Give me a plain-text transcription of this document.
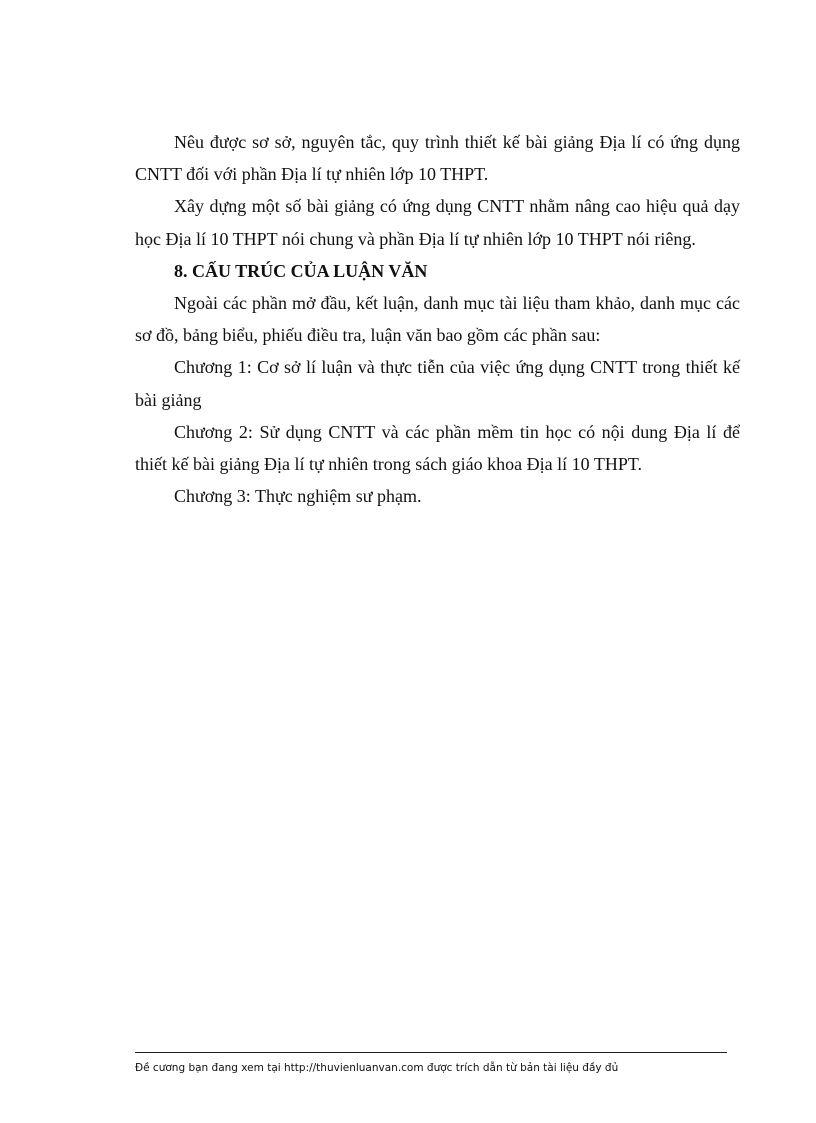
Nêu được sơ sở, nguyên tắc, quy trình thiết kế bài giảng Địa lí có ứng dụng CNTT đối với phần Địa lí tự nhiên lớp 10 THPT.

Xây dựng một số bài giảng có ứng dụng CNTT nhằm nâng cao hiệu quả dạy học Địa lí 10 THPT nói chung và phần Địa lí tự nhiên lớp 10 THPT nói riêng.

8. CẤU TRÚC CỦA LUẬN VĂN

Ngoài các phần mở đầu, kết luận, danh mục tài liệu tham khảo, danh mục các sơ đồ, bảng biểu, phiếu điều tra, luận văn bao gồm các phần sau:

Chương 1: Cơ sở lí luận và thực tiễn của việc ứng dụng CNTT trong thiết kế bài giảng

Chương 2: Sử dụng CNTT và các phần mềm tin học có nội dung Địa lí để thiết kế bài giảng Địa lí tự nhiên trong sách giáo khoa Địa lí 10 THPT.

Chương 3: Thực nghiệm sư phạm.

Đề cương bạn đang xem tại http://thuvienluanvan.com được trích dẫn từ bản tài liệu đầy đủ
